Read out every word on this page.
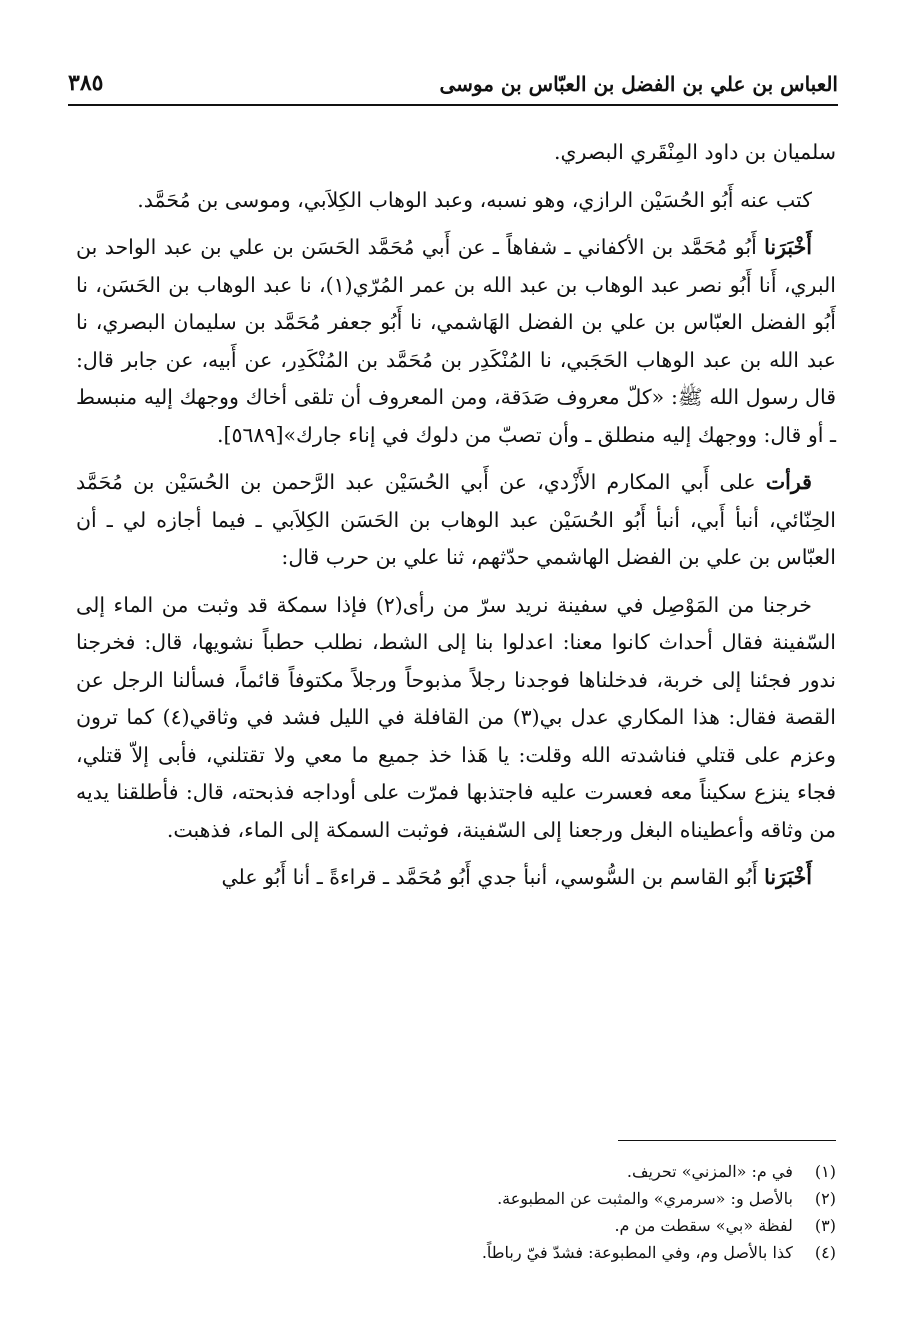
العباس بن علي بن الفضل بن العبّاس بن موسى
٣٨٥

سلميان بن داود المِنْقَري البصري.

كتب عنه أَبُو الحُسَيْن الرازي، وهو نسبه، وعبد الوهاب الكِلاَبي، وموسى بن مُحَمَّد.

أَخْبَرَنا أَبُو مُحَمَّد بن الأكفاني ـ شفاهاً ـ عن أَبي مُحَمَّد الحَسَن بن علي بن عبد الواحد بن البري، أَنا أَبُو نصر عبد الوهاب بن عبد الله بن عمر المُرّي(١)، نا عبد الوهاب بن الحَسَن، نا أَبُو الفضل العبّاس بن علي بن الفضل الهَاشمي، نا أَبُو جعفر مُحَمَّد بن سليمان البصري، نا عبد الله بن عبد الوهاب الحَجَبي، نا المُنْكَدِر بن مُحَمَّد بن المُنْكَدِر، عن أَبيه، عن جابر قال: قال رسول الله ﷺ: «كلّ معروف صَدَقة، ومن المعروف أن تلقى أخاك ووجهك إليه منبسط ـ أو قال: ووجهك إليه منطلق ـ وأن تصبّ من دلوك في إناء جارك»[٥٦٨٩].

قرأت على أَبي المكارم الأَزْدي، عن أَبي الحُسَيْن عبد الرَّحمن بن الحُسَيْن بن مُحَمَّد الحِنّائي، أنبأ أَبي، أنبأ أَبُو الحُسَيْن عبد الوهاب بن الحَسَن الكِلاَبي ـ فيما أجازه لي ـ أن العبّاس بن علي بن الفضل الهاشمي حدّثهم، ثنا علي بن حرب قال:

خرجنا من المَوْصِل في سفينة نريد سرّ من رأى(٢) فإذا سمكة قد وثبت من الماء إلى السّفينة فقال أحداث كانوا معنا: اعدلوا بنا إلى الشط، نطلب حطباً نشويها، قال: فخرجنا ندور فجئنا إلى خربة، فدخلناها فوجدنا رجلاً مذبوحاً ورجلاً مكتوفاً قائماً، فسألنا الرجل عن القصة فقال: هذا المكاري عدل بي(٣) من القافلة في الليل فشد في وثاقي(٤) كما ترون وعزم على قتلي فناشدته الله وقلت: يا هَذا خذ جميع ما معي ولا تقتلني، فأبى إلاّ قتلي، فجاء ينزع سكيناً معه فعسرت عليه فاجتذبها فمرّت على أوداجه فذبحته، قال: فأطلقنا يديه من وثاقه وأعطيناه البغل ورجعنا إلى السّفينة، فوثبت السمكة إلى الماء، فذهبت.

أَخْبَرَنا أَبُو القاسم بن السُّوسي، أنبأ جدي أَبُو مُحَمَّد ـ قراءةً ـ أنا أَبُو علي

(١) في م: «المزني» تحريف.
(٢) بالأصل و: «سرمري» والمثبت عن المطبوعة.
(٣) لفظة «بي» سقطت من م.
(٤) كذا بالأصل وم، وفي المطبوعة: فشدّ فيّ رباطاً.
